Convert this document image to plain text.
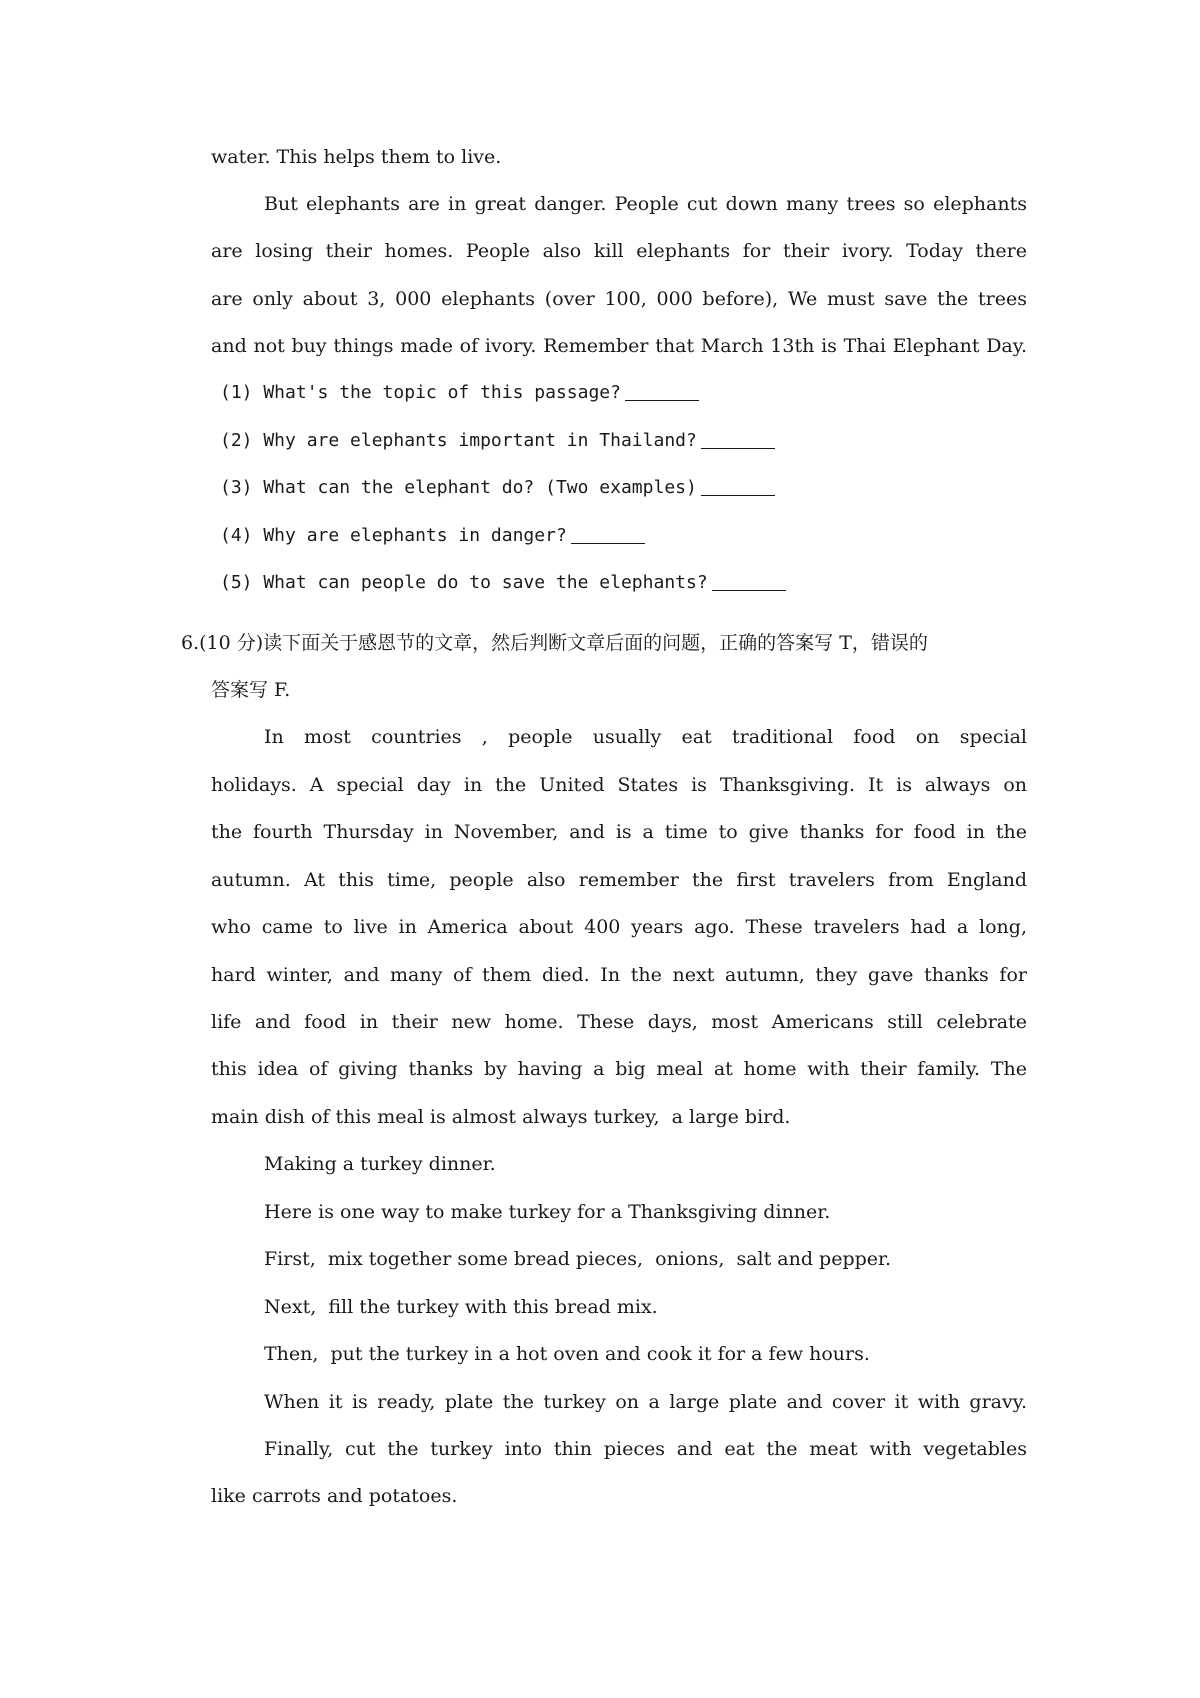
water. This helps them to live.
But elephants are in great danger. People cut down many trees so elephants
are losing their homes. People also kill elephants for their ivory. Today there
are only about 3, 000 elephants (over 100, 000 before), We must save the trees
and not buy things made of ivory. Remember that March 13th is Thai Elephant Day.
(1) What's the topic of this passage?
(2) Why are elephants important in Thailand?
(3) What can the elephant do? (Two examples)
(4) Why are elephants in danger?
(5) What can people do to save the elephants?
6.(10 分)读下面关于感恩节的文章，然后判断文章后面的问题，正确的答案写 T，错误的
答案写 F.
In most countries , people usually eat traditional food on special
holidays. A special day in the United States is Thanksgiving. It is always on
the fourth Thursday in November, and is a time to give thanks for food in the
autumn. At this time, people also remember the first travelers from England
who came to live in America about 400 years ago. These travelers had a long,
hard winter, and many of them died. In the next autumn, they gave thanks for
life and food in their new home. These days, most Americans still celebrate
this idea of giving thanks by having a big meal at home with their family. The
main dish of this meal is almost always turkey,  a large bird.
Making a turkey dinner.
Here is one way to make turkey for a Thanksgiving dinner.
First,  mix together some bread pieces,  onions,  salt and pepper.
Next,  fill the turkey with this bread mix.
Then,  put the turkey in a hot oven and cook it for a few hours.
When it is ready, plate the turkey on a large plate and cover it with gravy.
Finally, cut the turkey into thin pieces and eat the meat with vegetables
like carrots and potatoes.
